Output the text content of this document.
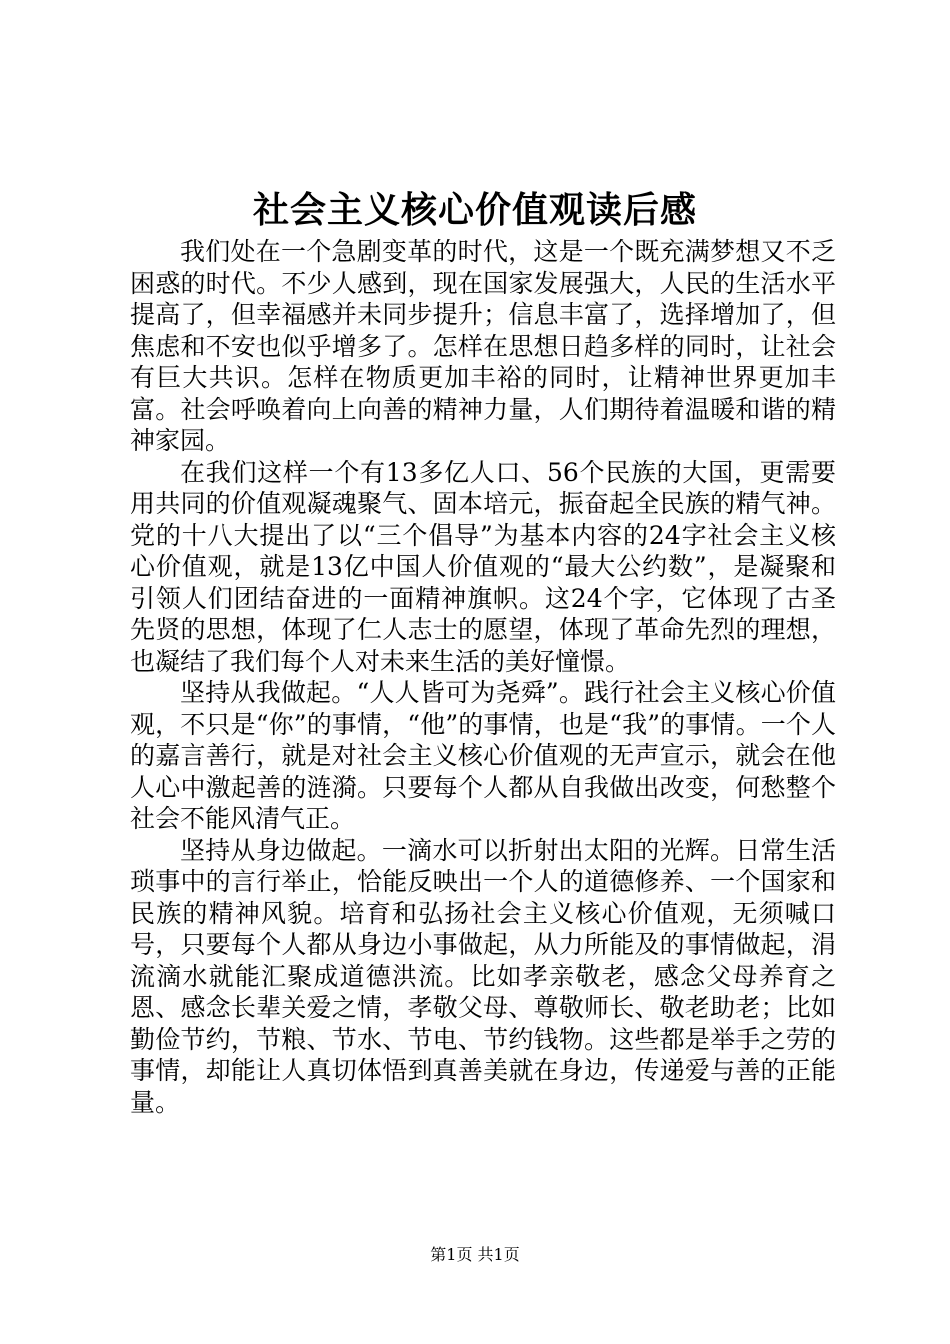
社会主义核心价值观读后感

我们处在一个急剧变革的时代，这是一个既充满梦想又不乏困惑的时代。不少人感到，现在国家发展强大，人民的生活水平提高了，但幸福感并未同步提升；信息丰富了，选择增加了，但焦虑和不安也似乎增多了。怎样在思想日趋多样的同时，让社会有巨大共识。怎样在物质更加丰裕的同时，让精神世界更加丰富。社会呼唤着向上向善的精神力量，人们期待着温暖和谐的精神家园。

在我们这样一个有13多亿人口、56个民族的大国，更需要用共同的价值观凝魂聚气、固本培元，振奋起全民族的精气神。党的十八大提出了以“三个倡导”为基本内容的24字社会主义核心价值观，就是13亿中国人价值观的“最大公约数”，是凝聚和引领人们团结奋进的一面精神旗帜。这24个字，它体现了古圣先贤的思想，体现了仁人志士的愿望，体现了革命先烈的理想，也凝结了我们每个人对未来生活的美好憧憬。

坚持从我做起。“人人皆可为尧舜”。践行社会主义核心价值观，不只是“你”的事情，“他”的事情，也是“我”的事情。一个人的嘉言善行，就是对社会主义核心价值观的无声宣示，就会在他人心中激起善的涟漪。只要每个人都从自我做出改变，何愁整个社会不能风清气正。

坚持从身边做起。一滴水可以折射出太阳的光辉。日常生活琐事中的言行举止，恰能反映出一个人的道德修养、一个国家和民族的精神风貌。培育和弘扬社会主义核心价值观，无须喊口号，只要每个人都从身边小事做起，从力所能及的事情做起，涓流滴水就能汇聚成道德洪流。比如孝亲敬老，感念父母养育之恩、感念长辈关爱之情，孝敬父母、尊敬师长、敬老助老；比如勤俭节约，节粮、节水、节电、节约钱物。这些都是举手之劳的事情，却能让人真切体悟到真善美就在身边，传递爱与善的正能量。

第1页 共1页
